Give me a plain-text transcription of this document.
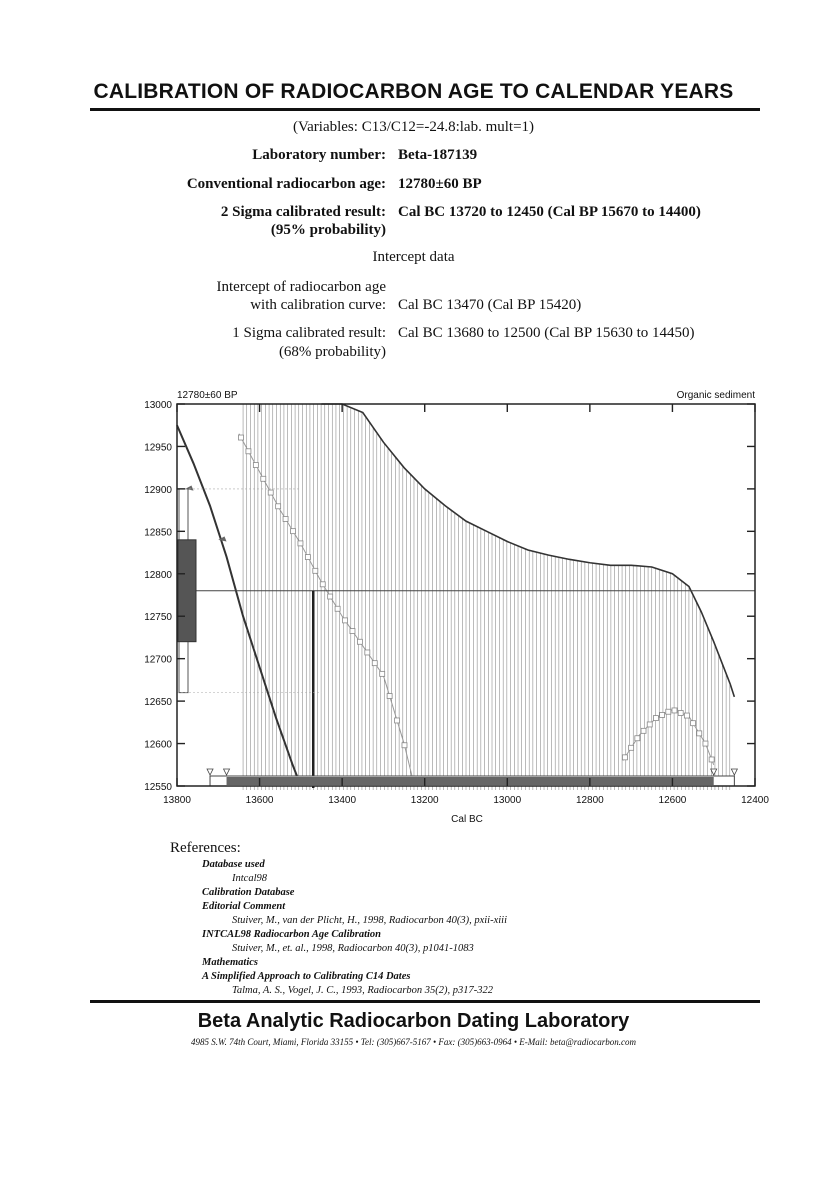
CALIBRATION OF RADIOCARBON AGE TO CALENDAR YEARS
(Variables: C13/C12=-24.8:lab. mult=1)
Laboratory number: Beta-187139
Conventional radiocarbon age: 12780±60 BP
2 Sigma calibrated result:
(95% probability)
Cal BC 13720 to 12450 (Cal BP 15670 to 14400)
Intercept data
Intercept of radiocarbon age
with calibration curve: Cal BC 13470 (Cal BP 15420)
1 Sigma calibrated result:
(68% probability)
Cal BC 13680 to 12500 (Cal BP 15630 to 14450)
12780±60 BP	Organic sediment
13800	13600	13400	13200	13000	12800	12600	12400
13000
12950
12900
12850
12800
12750
12700
12650
12600
12550
Cal BC
References:
Database used
Intcal98
Calibration Database
Editorial Comment
Stuiver, M., van der Plicht, H., 1998, Radiocarbon 40(3), pxii-xiii
INTCAL98 Radiocarbon Age Calibration
Stuiver, M., et. al., 1998, Radiocarbon 40(3), p1041-1083
Mathematics
A Simplified Approach to Calibrating C14 Dates
Talma, A. S., Vogel, J. C., 1993, Radiocarbon 35(2), p317-322
Beta Analytic Radiocarbon Dating Laboratory
4985 S.W. 74th Court, Miami, Florida 33155 • Tel: (305)667-5167 • Fax: (305)663-0964 • E-Mail: beta@radiocarbon.com
